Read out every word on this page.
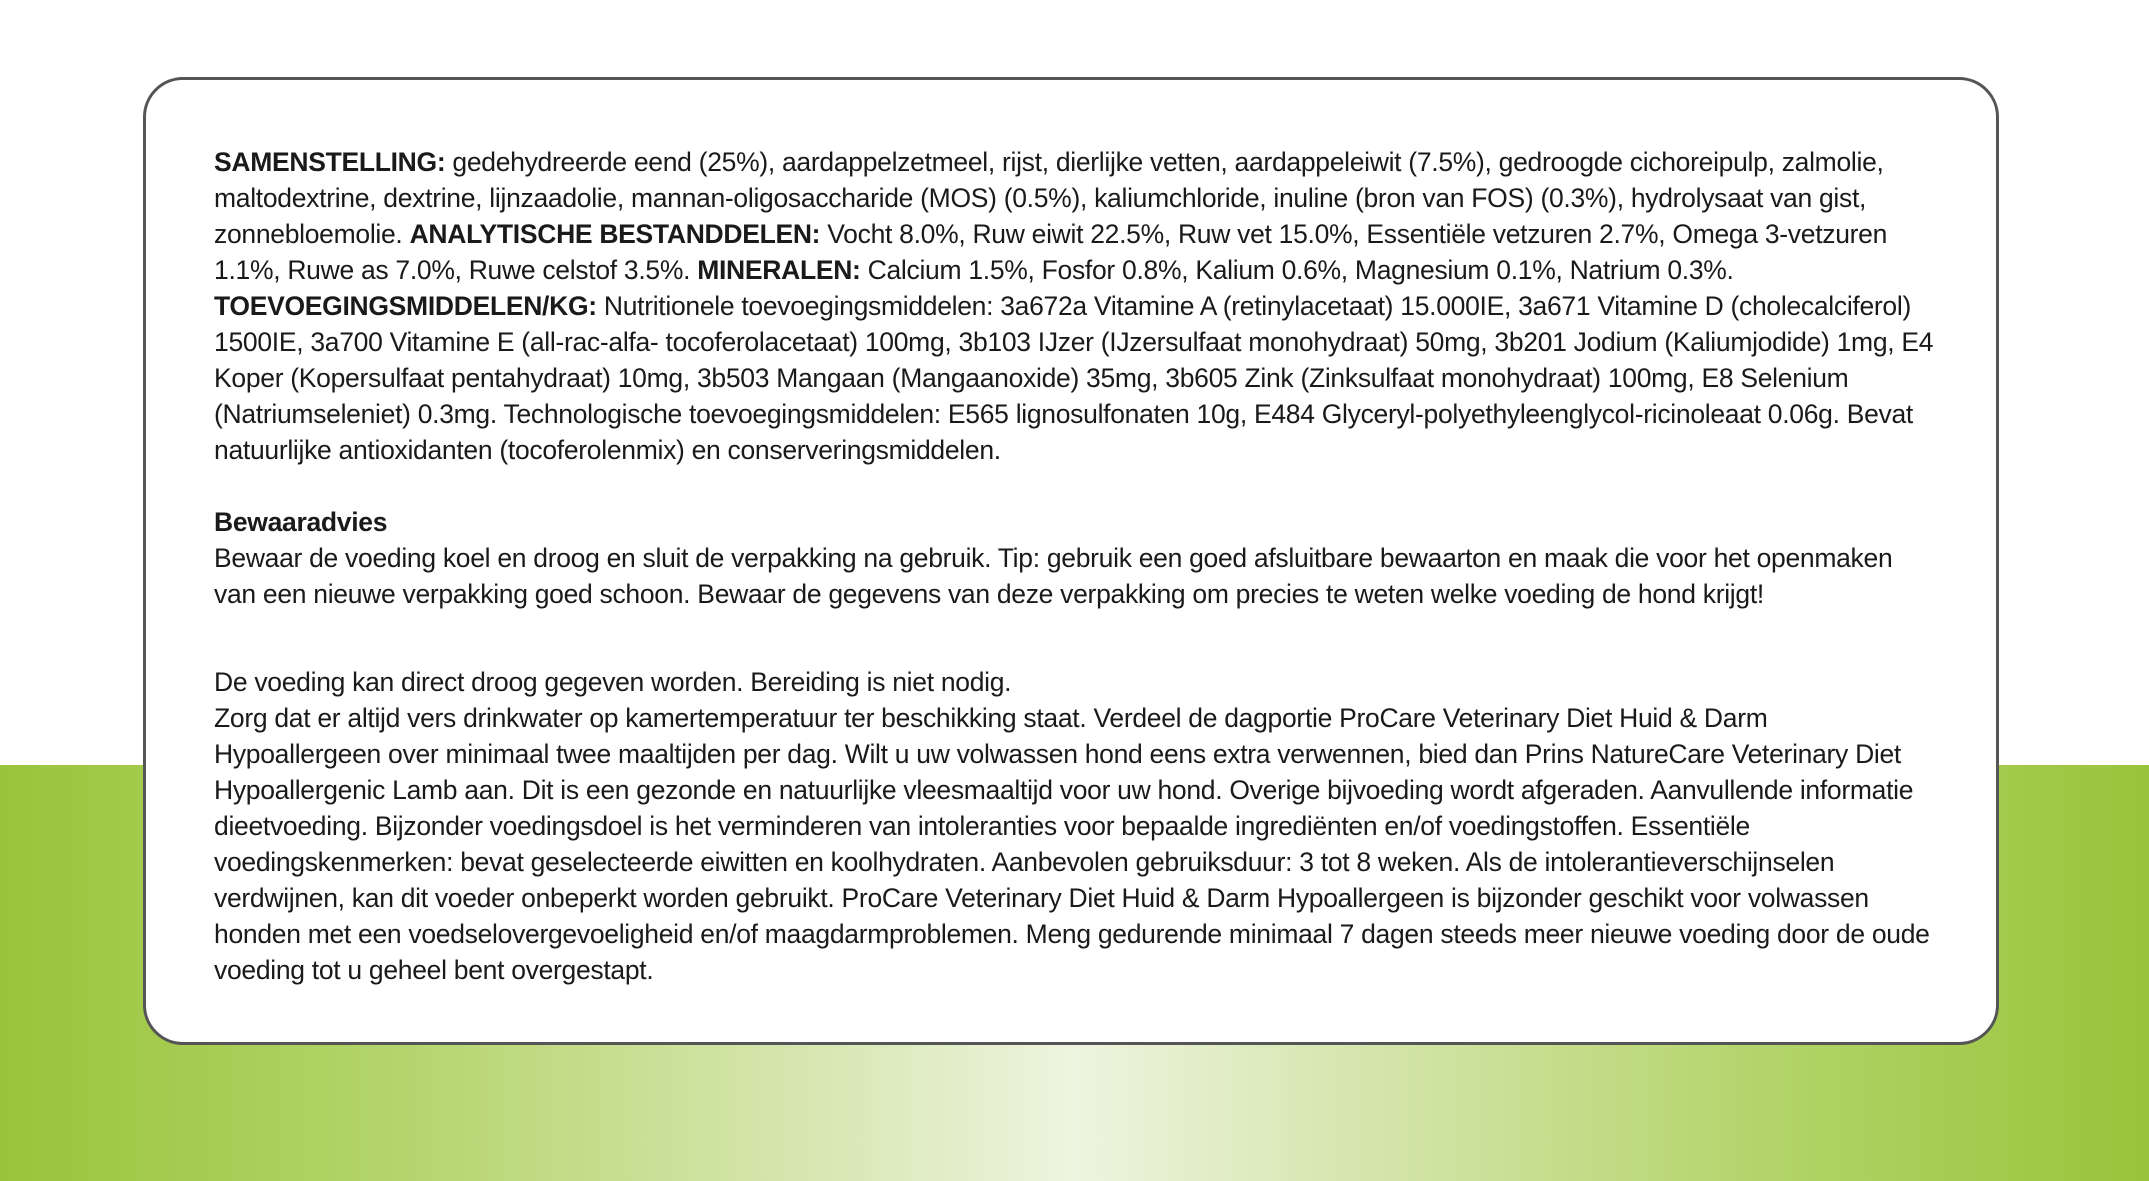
SAMENSTELLING: gedehydreerde eend (25%), aardappelzetmeel, rijst, dierlijke vetten, aardappeleiwit (7.5%), gedroogde cichoreipulp, zalmolie, maltodextrine, dextrine, lijnzaadolie, mannan-oligosaccharide (MOS) (0.5%), kaliumchloride, inuline (bron van FOS) (0.3%), hydrolysaat van gist, zonnebloemolie. ANALYTISCHE BESTANDDELEN: Vocht 8.0%, Ruw eiwit 22.5%, Ruw vet 15.0%, Essentiële vetzuren 2.7%, Omega 3-vetzuren 1.1%, Ruwe as 7.0%, Ruwe celstof 3.5%. MINERALEN: Calcium 1.5%, Fosfor 0.8%, Kalium 0.6%, Magnesium 0.1%, Natrium 0.3%.

TOEVOEGINGSMIDDELEN/KG: Nutritionele toevoegingsmiddelen: 3a672a Vitamine A (retinylacetaat) 15.000IE, 3a671 Vitamine D (cholecalciferol) 1500IE, 3a700 Vitamine E (all-rac-alfa- tocoferolacetaat) 100mg, 3b103 IJzer (IJzersulfaat monohydraat) 50mg, 3b201 Jodium (Kaliumjodide) 1mg, E4 Koper (Kopersulfaat pentahydraat) 10mg, 3b503 Mangaan (Mangaanoxide) 35mg, 3b605 Zink (Zinksulfaat monohydraat) 100mg, E8 Selenium (Natriumseleniet) 0.3mg. Technologische toevoegingsmiddelen: E565 lignosulfonaten 10g, E484 Glyceryl-polyethyleenglycol-ricinoleaat 0.06g. Bevat natuurlijke antioxidanten (tocoferolenmix) en conserveringsmiddelen.

Bewaaradvies

Bewaar de voeding koel en droog en sluit de verpakking na gebruik. Tip: gebruik een goed afsluitbare bewaarton en maak die voor het openmaken van een nieuwe verpakking goed schoon. Bewaar de gegevens van deze verpakking om precies te weten welke voeding de hond krijgt!

De voeding kan direct droog gegeven worden. Bereiding is niet nodig.

Zorg dat er altijd vers drinkwater op kamertemperatuur ter beschikking staat. Verdeel de dagportie ProCare Veterinary Diet Huid & Darm Hypoallergeen over minimaal twee maaltijden per dag. Wilt u uw volwassen hond eens extra verwennen, bied dan Prins NatureCare Veterinary Diet Hypoallergenic Lamb aan. Dit is een gezonde en natuurlijke vleesmaaltijd voor uw hond. Overige bijvoeding wordt afgeraden. Aanvullende informatie dieetvoeding. Bijzonder voedingsdoel is het verminderen van intoleranties voor bepaalde ingrediënten en/of voedingstoffen. Essentiële voedingskenmerken: bevat geselecteerde eiwitten en koolhydraten. Aanbevolen gebruiksduur: 3 tot 8 weken. Als de intolerantieverschijnselen verdwijnen, kan dit voeder onbeperkt worden gebruikt. ProCare Veterinary Diet Huid & Darm Hypoallergeen is bijzonder geschikt voor volwassen honden met een voedselovergevoeligheid en/of maagdarmproblemen. Meng gedurende minimaal 7 dagen steeds meer nieuwe voeding door de oude voeding tot u geheel bent overgestapt.
